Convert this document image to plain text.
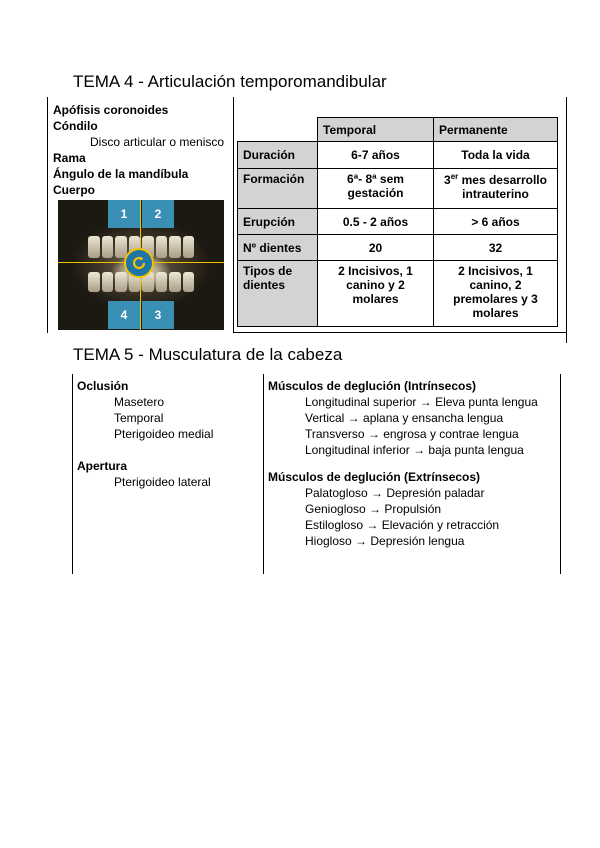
TEMA 4 - Articulación temporomandibular
Apófisis coronoides
Cóndilo
Disco articular o menisco
Rama
Ángulo de la mandíbula
Cuerpo
1	2
4	3
	Temporal	Permanente
Duración	6-7 años	Toda la vida
Formación	6ª- 8ª sem gestación	3er mes desarrollo intrauterino
Erupción	0.5 - 2 años	> 6 años
Nº dientes	20	32
Tipos de dientes	2 Incisivos, 1 canino y 2 molares	2 Incisivos, 1 canino, 2 premolares y 3 molares
TEMA 5 - Musculatura de la cabeza
Oclusión
Masetero
Temporal
Pterigoideo medial
Apertura
Pterigoideo lateral
Músculos de deglución (Intrínsecos)
Longitudinal superior → Eleva punta lengua
Vertical → aplana y ensancha lengua
Transverso → engrosa y contrae lengua
Longitudinal inferior → baja punta lengua
Músculos de deglución (Extrínsecos)
Palatogloso → Depresión paladar
Geniogloso → Propulsión
Estilogloso → Elevación y retracción
Hiogloso → Depresión lengua
